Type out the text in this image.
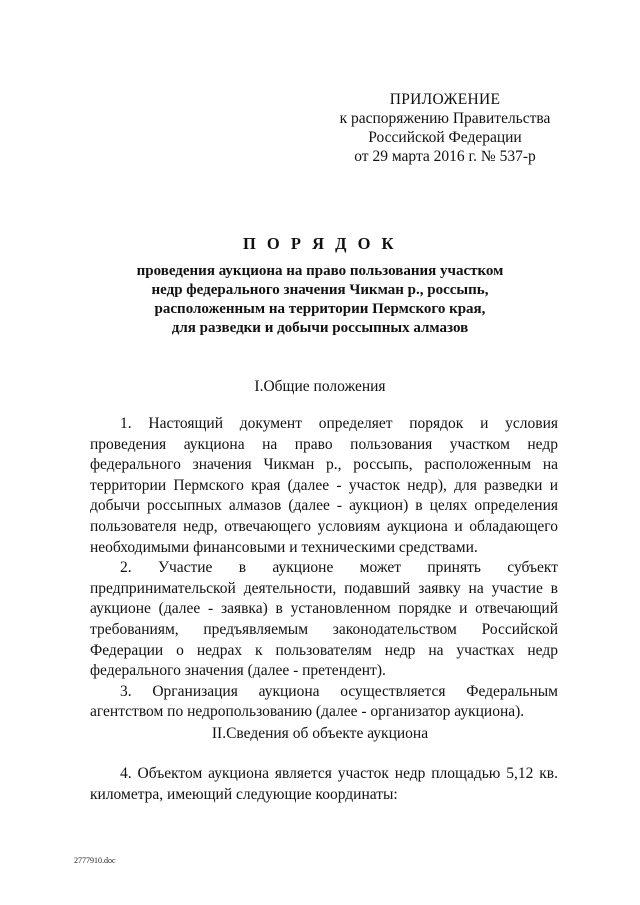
ПРИЛОЖЕНИЕ
к распоряжению Правительства
Российской Федерации
от 29 марта 2016 г. № 537-р
П О Р Я Д О К
проведения аукциона на право пользования участком
недр федерального значения Чикман р., россыпь,
расположенным на территории Пермского края,
для разведки и добычи россыпных алмазов
I.Общие положения

1. Настоящий документ определяет порядок и условия проведения аукциона на право пользования участком недр федерального значения Чикман р., россыпь, расположенным на территории Пермского края (далее - участок недр), для разведки и добычи россыпных алмазов (далее - аукцион) в целях определения пользователя недр, отвечающего условиям аукциона и обладающего необходимыми финансовыми и техническими средствами.

2. Участие в аукционе может принять субъект предпринимательской деятельности, подавший заявку на участие в аукционе (далее - заявка) в установленном порядке и отвечающий требованиям, предъявляемым законодательством Российской Федерации о недрах к пользователям недр на участках недр федерального значения (далее - претендент).

3. Организация аукциона осуществляется Федеральным агентством по недропользованию (далее - организатор аукциона).

II.Сведения об объекте аукциона

4. Объектом аукциона является участок недр площадью 5,12 кв. километра, имеющий следующие координаты:

2777910.doc
